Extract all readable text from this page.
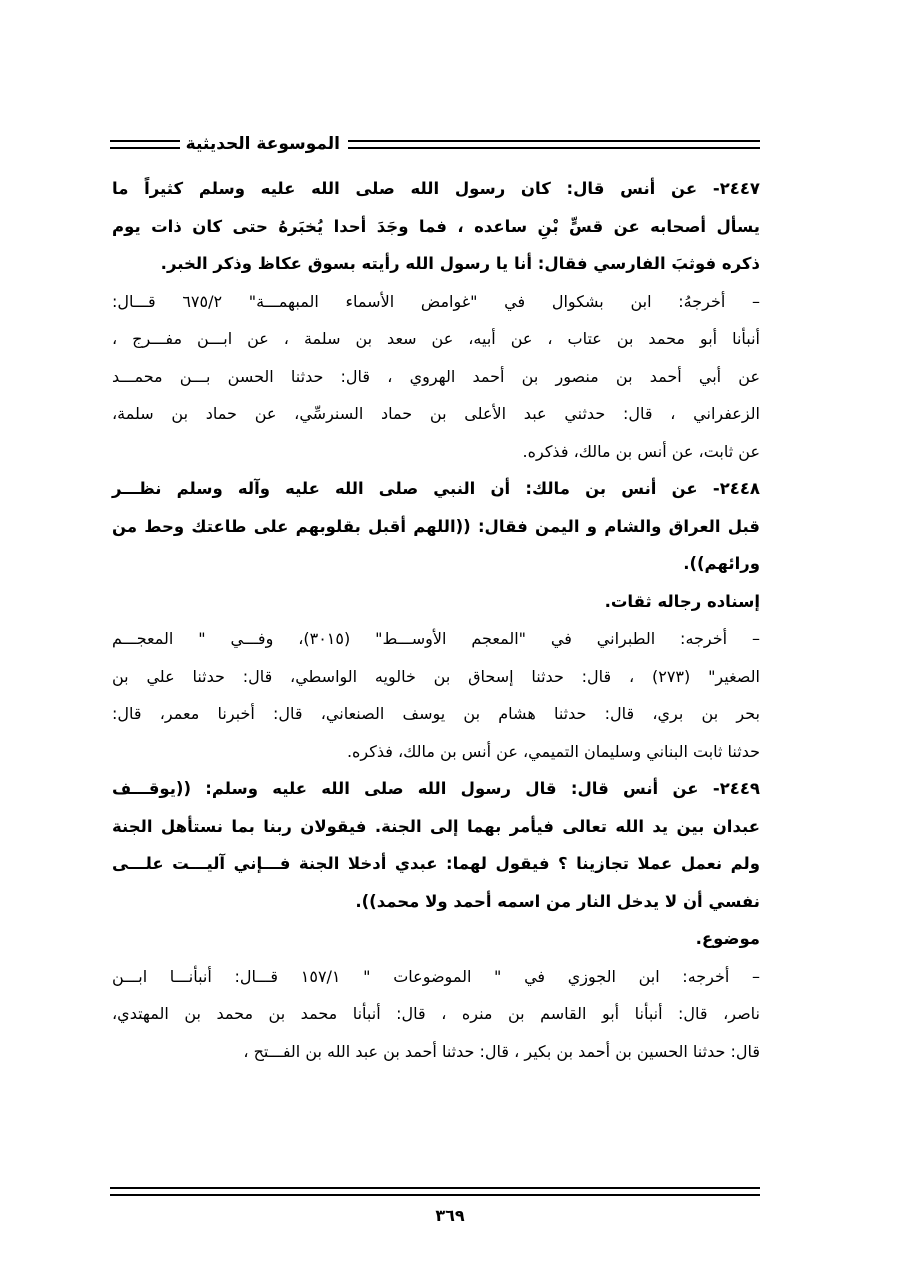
الموسوعة الحديثية
٢٤٤٧- عن أنس قال: كان رسول الله صلى الله عليه وسلم كثيراً ما
يسأل أصحابه عن قسٍّ بْنِ ساعده ، فما وجَدَ أحدا يُخبَرهُ حتى كان ذات يوم
ذكره فوثبَ الفارسي فقال: أنا يا رسول الله رأيته بسوق عكاظ وذكر الخبر.
– أخرجهُ: ابن بشكوال في "غوامض الأسماء المبهمـــة" ٦٧٥/٢ قـــال:
أنبأنا أبو محمد بن عتاب ، عن أبيه، عن سعد بن سلمة ، عن ابـــن مفـــرج ،
عن أبي أحمد بن منصور بن أحمد الهروي ، قال: حدثنا الحسن بـــن محمـــد
الزعفراني ، قال: حدثني عبد الأعلى بن حماد السنرسِّي، عن حماد بن سلمة،
عن ثابت، عن أنس بن مالك، فذكره.
٢٤٤٨- عن أنس بن مالك: أن النبي صلى الله عليه وآله وسلم نظـــر
قبل العراق والشام و اليمن فقال: ((اللهم أقبل بقلوبهم على طاعتك وحط من
ورائهم)).
إسناده رجاله ثقات.
– أخرجه: الطبراني في "المعجم الأوســـط" (٣٠١٥)، وفـــي " المعجـــم
الصغير" (٢٧٣) ، قال: حدثنا إسحاق بن خالويه الواسطي، قال: حدثنا علي بن
بحر بن بري، قال: حدثنا هشام بن يوسف الصنعاني، قال: أخبرنا معمر، قال:
حدثنا ثابت البناني وسليمان التميمي، عن أنس بن مالك، فذكره.
٢٤٤٩- عن أنس قال: قال رسول الله صلى الله عليه وسلم: ((يوقـــف
عبدان بين يد الله تعالى فيأمر بهما إلى الجنة. فيقولان ربنا بما نستأهل الجنة
ولم نعمل عملا تجازينا ؟ فيقول لهما: عبدي أدخلا الجنة فـــإني آليـــت علـــى
نفسي أن لا يدخل النار من اسمه أحمد ولا محمد)).
موضوع.
– أخرجه: ابن الجوزي في " الموضوعات " ١٥٧/١ قـــال: أنبأنـــا ابـــن
ناصر، قال: أنبأنا أبو القاسم بن منره ، قال: أنبأنا محمد بن محمد بن المهتدي،
قال: حدثنا الحسين بن أحمد بن بكير ، قال: حدثنا أحمد بن عبد الله بن الفـــتح ،
٣٦٩
